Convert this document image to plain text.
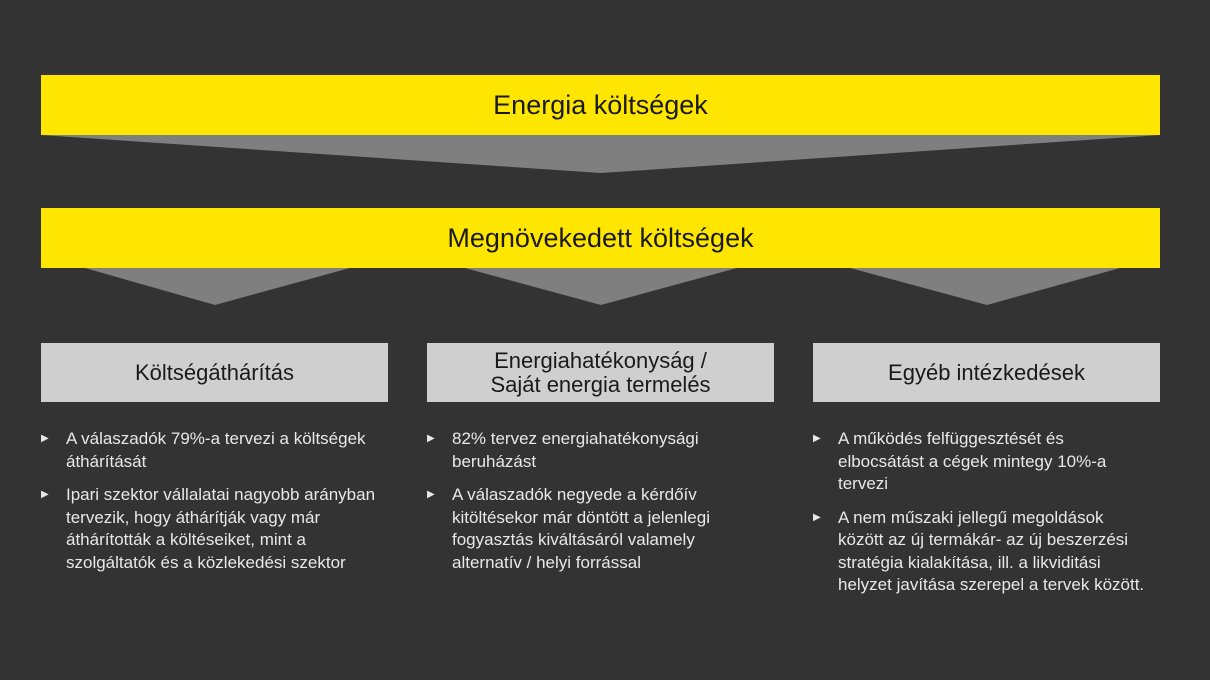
Energia költségek
Megnövekedett költségek
Költségáthárítás	Energiahatékonyság /
Saját energia termelés	Egyéb intézkedések
▶ A válaszadók 79%-a tervezi a költségek áthárítását
▶ Ipari szektor vállalatai nagyobb arányban tervezik, hogy áthárítják vagy már áthárították a költéseiket, mint a szolgáltatók és a közlekedési szektor
▶ 82% tervez energiahatékonysági beruházást
▶ A válaszadók negyede a kérdőív kitöltésekor már döntött a jelenlegi fogyasztás kiváltásáról valamely alternatív / helyi forrással
▶ A működés felfüggesztését és elbocsátást a cégek mintegy 10%-a tervezi
▶ A nem műszaki jellegű megoldások között az új termákár- az új beszerzési stratégia kialakítása, ill. a likviditási helyzet javítása szerepel a tervek között.
